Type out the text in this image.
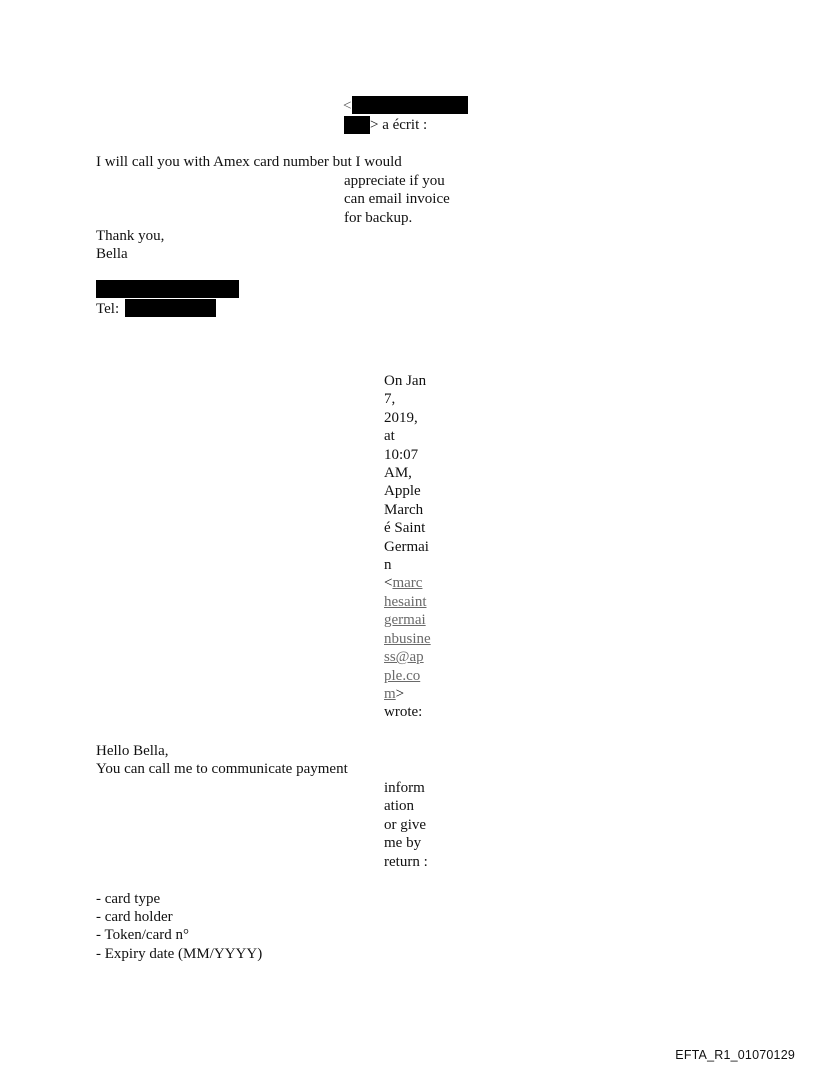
<
> a écrit :
I will call you with Amex card number but I would
appreciate if you
can email invoice
for backup.
Thank you,
Bella
Tel:
On Jan
7,
2019,
at
10:07
AM,
Apple
March
é Saint
Germai
n
<marc
hesaint
germai
nbusine
ss@ap
ple.co
m>
wrote:
Hello Bella,
You can call me to communicate payment
inform
ation
or give
me by
return :
- card type
- card holder
- Token/card n°
- Expiry date (MM/YYYY)
EFTA_R1_01070129
